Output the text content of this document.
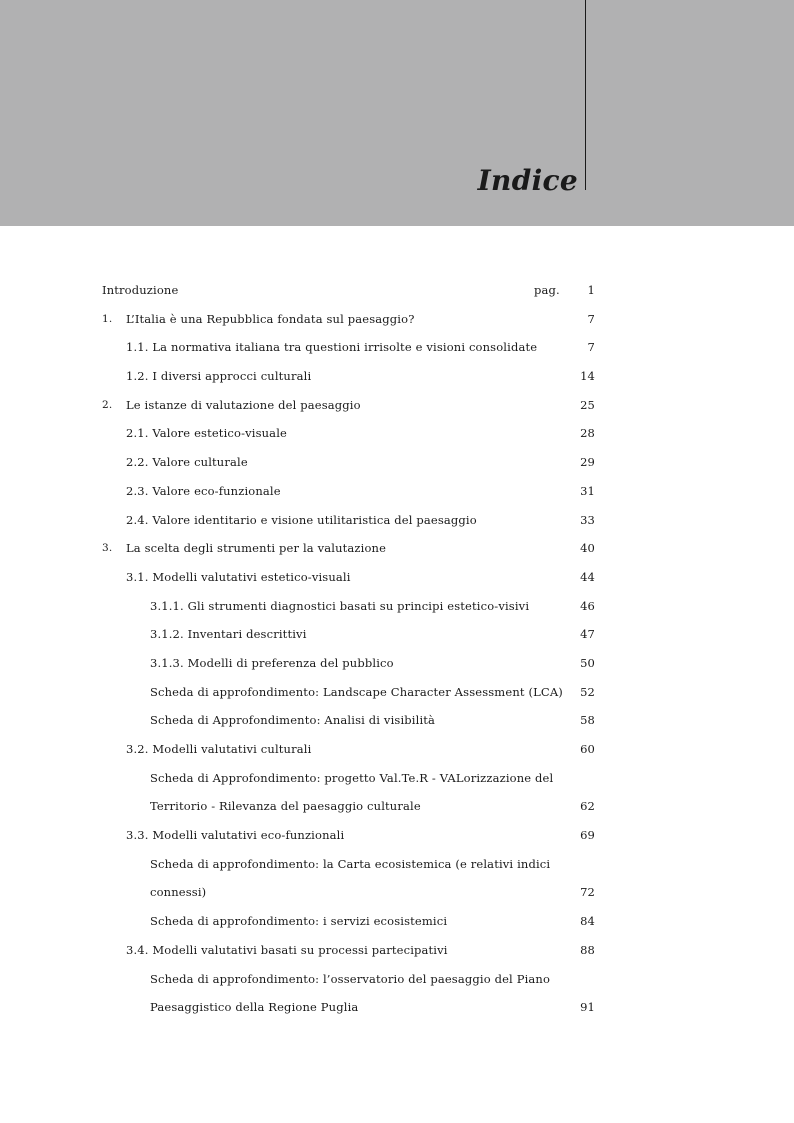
Indice
Introduzione	pag. 1
1. L’Italia è una Repubblica fondata sul paesaggio?	7
1.1. La normativa italiana tra questioni irrisolte e visioni consolidate	7
1.2. I diversi approcci culturali	14
2. Le istanze di valutazione del paesaggio	25
2.1. Valore estetico-visuale	28
2.2. Valore culturale	29
2.3. Valore eco-funzionale	31
2.4. Valore identitario e visione utilitaristica del paesaggio	33
3. La scelta degli strumenti per la valutazione	40
3.1. Modelli valutativi estetico-visuali	44
3.1.1. Gli strumenti diagnostici basati su principi estetico-visivi	46
3.1.2. Inventari descrittivi	47
3.1.3. Modelli di preferenza del pubblico	50
Scheda di approfondimento: Landscape Character Assessment (LCA) 52
Scheda di Approfondimento: Analisi di visibilità	58
3.2. Modelli valutativi culturali	60
Scheda di Approfondimento: progetto Val.Te.R - VALorizzazione del
Territorio - Rilevanza del paesaggio culturale	62
3.3. Modelli valutativi eco-funzionali	69
Scheda di approfondimento: la Carta ecosistemica (e relativi indici
connessi)	72
Scheda di approfondimento: i servizi ecosistemici	84
3.4. Modelli valutativi basati su processi partecipativi	88
Scheda di approfondimento: l’osservatorio del paesaggio del Piano
Paesaggistico della Regione Puglia	91
